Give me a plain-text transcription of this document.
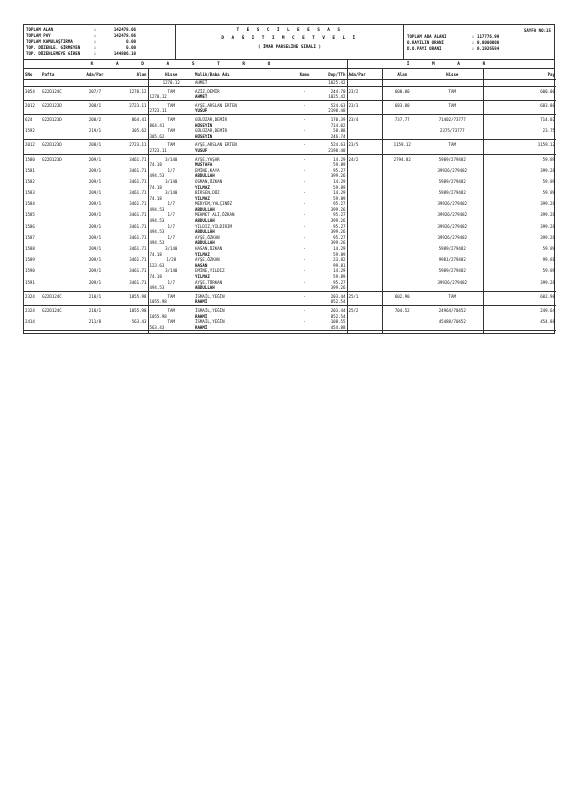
TOPLAM ALAN	:	142478.06
TOPLAM PAY	:	142478.06
TOPLAM KAMULAŞTIRMA	:	0.00
TOP. DÜZENLE. GİRMEYEN	:	0.00
TOP. DÜZENLEMEYE GİREN	:	144806.10
T E S C İ L E E S A S
D A Ğ I T I M C E T V E L İ
( İMAR PARSELİNE SIRALI )
SAYFA NO:15
TOPLAM ADA ALANI	: 117776.99
O.KAYILIN ORANI	: 0.0000000
D.O.PAYI ORANI	: 0.1926584
K A D A S T R O	İ M A R
SNo	Pafta	Ada/Par	Alan	Hisse	Malik/Baba Adı	Kamu	Dop/TTh	Ada/Par	Alan	Hisse	Pay
				1270.12	AHMET		1025.42				

3054	G22D124C	207/7	1270.12	TAM	AZİZ,DEMİR	-	244.70	23/2	600.00	TAM	600.00
				1270.12	AHMET		1025.42				

2012	G22D123D	208/1	2723.11	TAM	AYŞE,ARSLAN ERTEN	-	524.63	23/3	683.80	TAM	683.80
				2723.11	YUSUF		2198.48				

624	G22D123D	208/2	864.41	TAM	GÜLÜZAR,DEMİR	-	170.39	23/4	737.77	71402/73777	714.02
				864.41	HÜSEYİN		714.02				
1592		219/1	305.62	TAM	GÜLÜZAR,DEMİR	-	58.88			2375/73777	23.75
				305.62	HÜSEYİN		246.74				

2012	G22D123D	208/1	2723.11	TAM	AYŞE,ARSLAN ERTEN	-	524.63	23/5	1159.12	TAM	1159.12
				2723.11	YUSUF		2198.48				

1580	G22D123D	209/1	3461.71	3/140	AYŞE,YAŞAR	-	14.29	24/2	2794.82	5989/279482	59.89
				74.18	MUSTAFA		59.89				
1581		209/1	3461.71	1/7	EMİNE,KAYA	-	95.27			39926/279482	399.26
				494.53	ABDULLAH		399.26				
1582		209/1	3461.71	3/140	OSMAN,ÖZKAN	-	14.29			5989/279482	59.89
				74.18	YILMAZ		59.89				
1583		209/1	3461.71	3/140	BİRSEN,DÜZ	-	14.29			5989/279482	59.89
				74.18	YILMAZ		59.89				
1584		209/1	3461.71	1/7	MERYEM,YALÇINÖZ	-	95.27			39926/279482	399.26
				494.53	ABDULLAH		399.26				
1585		209/1	3461.71	1/7	MEHMET ALİ,ÖZKAN	-	95.27			39926/279482	399.26
				494.53	ABDULLAH		399.26				
1586		209/1	3461.71	1/7	YILDIZ,YILDIRIM	-	95.27			39926/279482	399.26
				494.53	ABDULLAH		399.26				
1587		209/1	3461.71	1/7	AYŞE,ÖZKAN	-	95.27			39926/279482	399.26
				494.53	ABDULLAH		399.26				
1588		209/1	3461.71	3/140	HASAN,ÖZKAN	-	14.29			5989/279482	59.89
				74.18	YILMAZ		59.89				
1589		209/1	3461.71	1/28	AYŞE,ÖZKAN	-	23.82			9981/279482	99.81
				123.63	HASAN		99.81				
1590		209/1	3461.71	3/140	EMİNE,YILDIZ	-	14.29			5989/279482	59.89
				74.18	YILMAZ		59.89				
1591		209/1	3461.71	1/7	AYŞE,TÜRKAN	-	95.27			39926/279482	399.26
				494.53	ABDULLAH		399.26				

2324	G22D124C	210/1	1055.98	TAM	İSMAİL,YEĞİN	-	203.44	25/1	602.90	TAM	602.90
				1055.98	RAHMİ		852.54				

2324	G22D124C	210/1	1055.98	TAM	İSMAİL,YEĞİN	-	203.44	25/2	704.52	24964/70452	249.64
				1055.98	RAHMİ		852.54				
2414		211/8	563.43	TAM	İSMAİL,YEĞİN	-	108.55			45488/70452	454.88
				563.43	RAHMİ		454.88				
